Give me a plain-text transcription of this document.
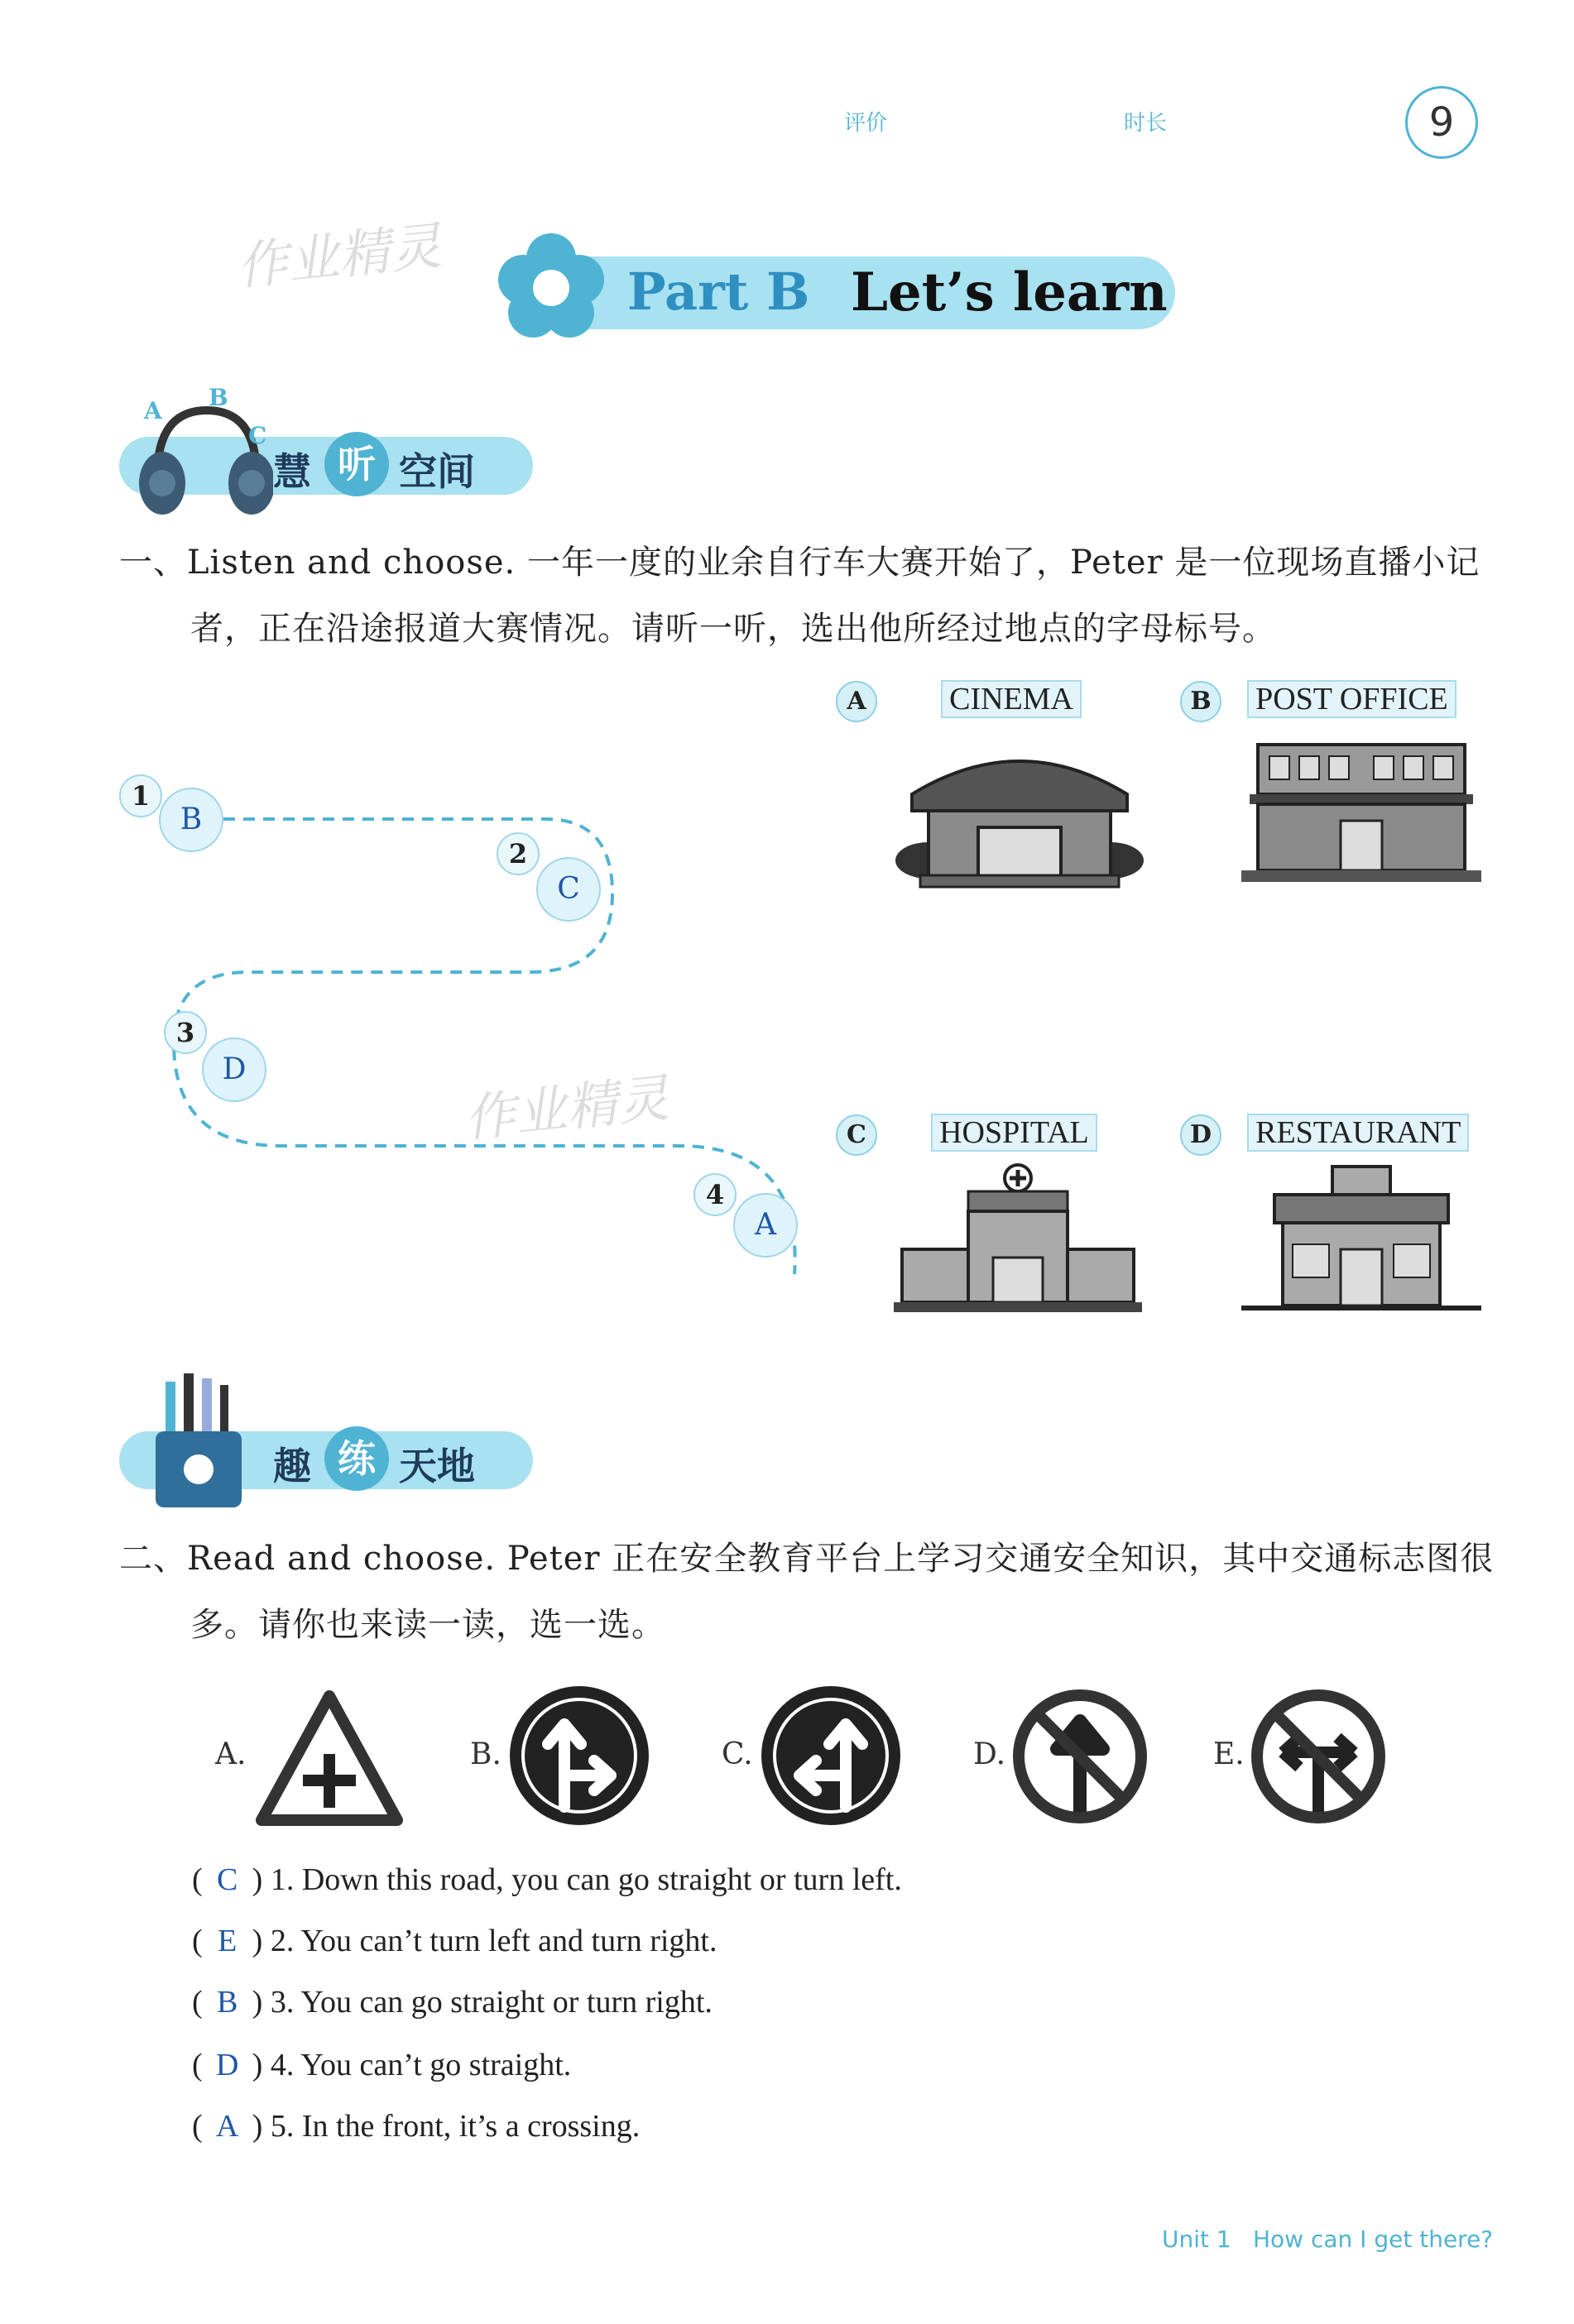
评价	时长	9
作业精灵
作业精灵
Part B Let’s learn
A B
C
慧 听 空间
一、Listen and choose. 一年一度的业余自行车大赛开始了，Peter 是一位现场直播小记
者，正在沿途报道大赛情况。请听一听，选出他所经过地点的字母标号。
1
B
2
C
3
D
4
A
A	CINEMA	B POST OFFICE
C HOSPITAL	D RESTAURANT
趣 练 天地
二、Read and choose. Peter 正在安全教育平台上学习交通安全知识，其中交通标志图很
多。请你也来读一读，选一选。
A.	B.	C.	D.	E.
( C ) 1. Down this road, you can go straight or turn left.
( E ) 2. You can’t turn left and turn right.
( B ) 3. You can go straight or turn right.
( D ) 4. You can’t go straight.
( A ) 5. In the front, it’s a crossing.
Unit 1 How can I get there?
